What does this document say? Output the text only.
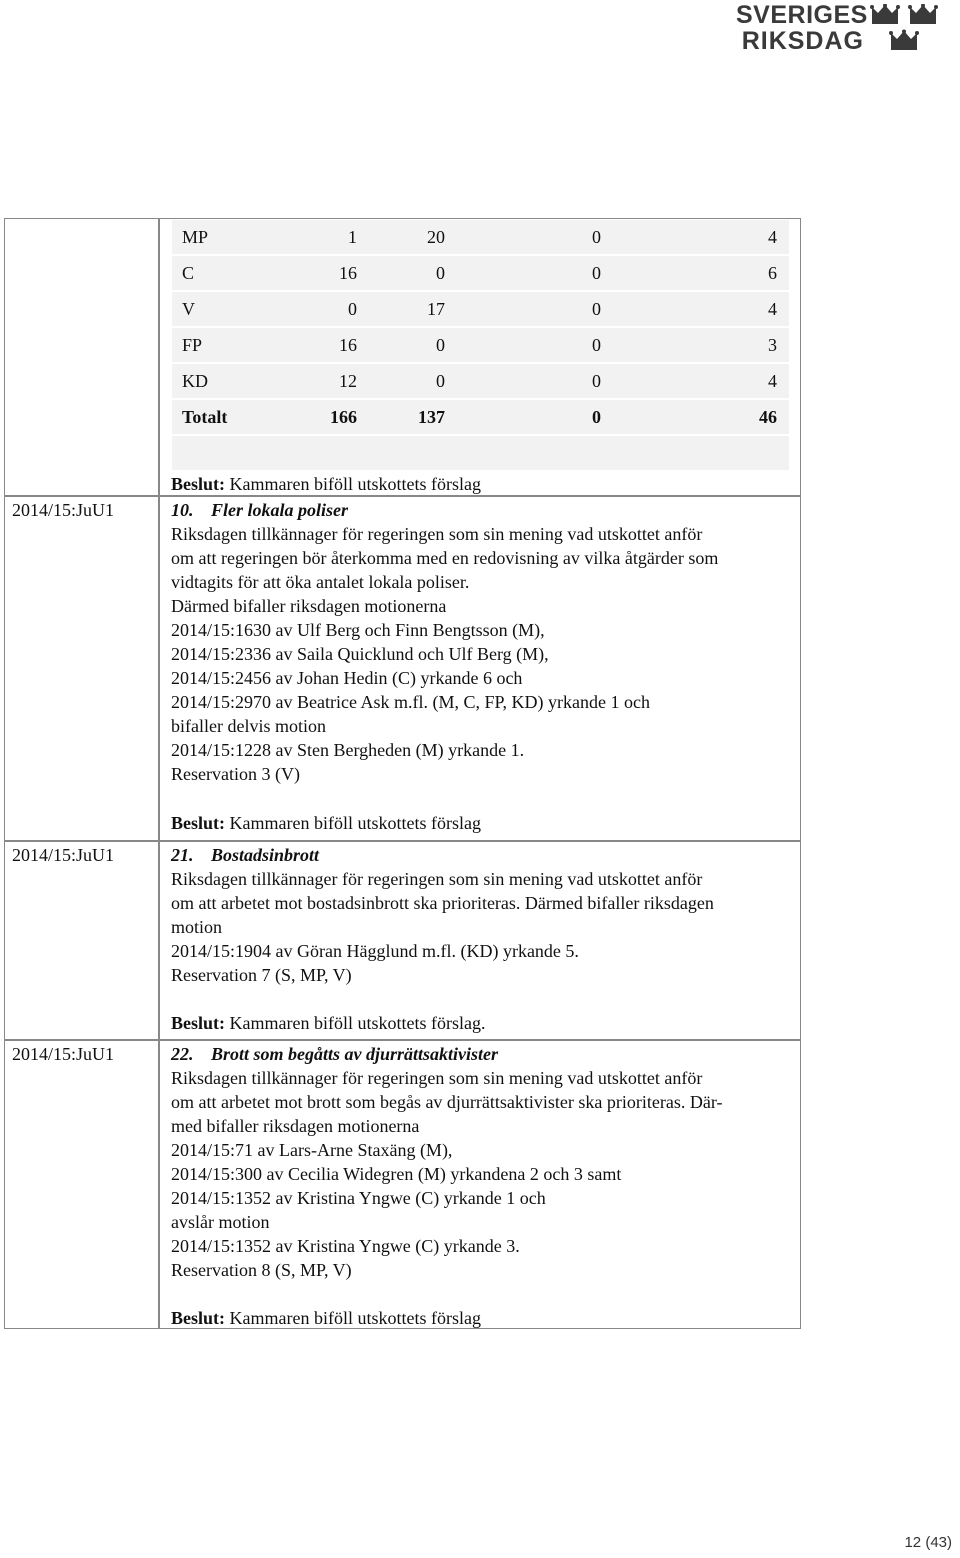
SVERIGES
RIKSDAG
MP	1	20	0	4
C	16	0	0	6
V	0	17	0	4
FP	16	0	0	3
KD	12	0	0	4
Totalt	166	137	0	46
Beslut: Kammaren biföll utskottets förslag
2014/15:JuU1	10. Fler lokala poliser
Riksdagen tillkännager för regeringen som sin mening vad utskottet anför
om att regeringen bör återkomma med en redovisning av vilka åtgärder som
vidtagits för att öka antalet lokala poliser.
Därmed bifaller riksdagen motionerna
2014/15:1630 av Ulf Berg och Finn Bengtsson (M),
2014/15:2336 av Saila Quicklund och Ulf Berg (M),
2014/15:2456 av Johan Hedin (C) yrkande 6 och
2014/15:2970 av Beatrice Ask m.fl. (M, C, FP, KD) yrkande 1 och
bifaller delvis motion
2014/15:1228 av Sten Bergheden (M) yrkande 1.
Reservation 3 (V)
Beslut: Kammaren biföll utskottets förslag
2014/15:JuU1	21. Bostadsinbrott
Riksdagen tillkännager för regeringen som sin mening vad utskottet anför
om att arbetet mot bostadsinbrott ska prioriteras. Därmed bifaller riksdagen
motion
2014/15:1904 av Göran Hägglund m.fl. (KD) yrkande 5.
Reservation 7 (S, MP, V)
Beslut: Kammaren biföll utskottets förslag.
2014/15:JuU1	22. Brott som begåtts av djurrättsaktivister
Riksdagen tillkännager för regeringen som sin mening vad utskottet anför
om att arbetet mot brott som begås av djurrättsaktivister ska prioriteras. Där-
med bifaller riksdagen motionerna
2014/15:71 av Lars-Arne Staxäng (M),
2014/15:300 av Cecilia Widegren (M) yrkandena 2 och 3 samt
2014/15:1352 av Kristina Yngwe (C) yrkande 1 och
avslår motion
2014/15:1352 av Kristina Yngwe (C) yrkande 3.
Reservation 8 (S, MP, V)
Beslut: Kammaren biföll utskottets förslag
12 (43)
